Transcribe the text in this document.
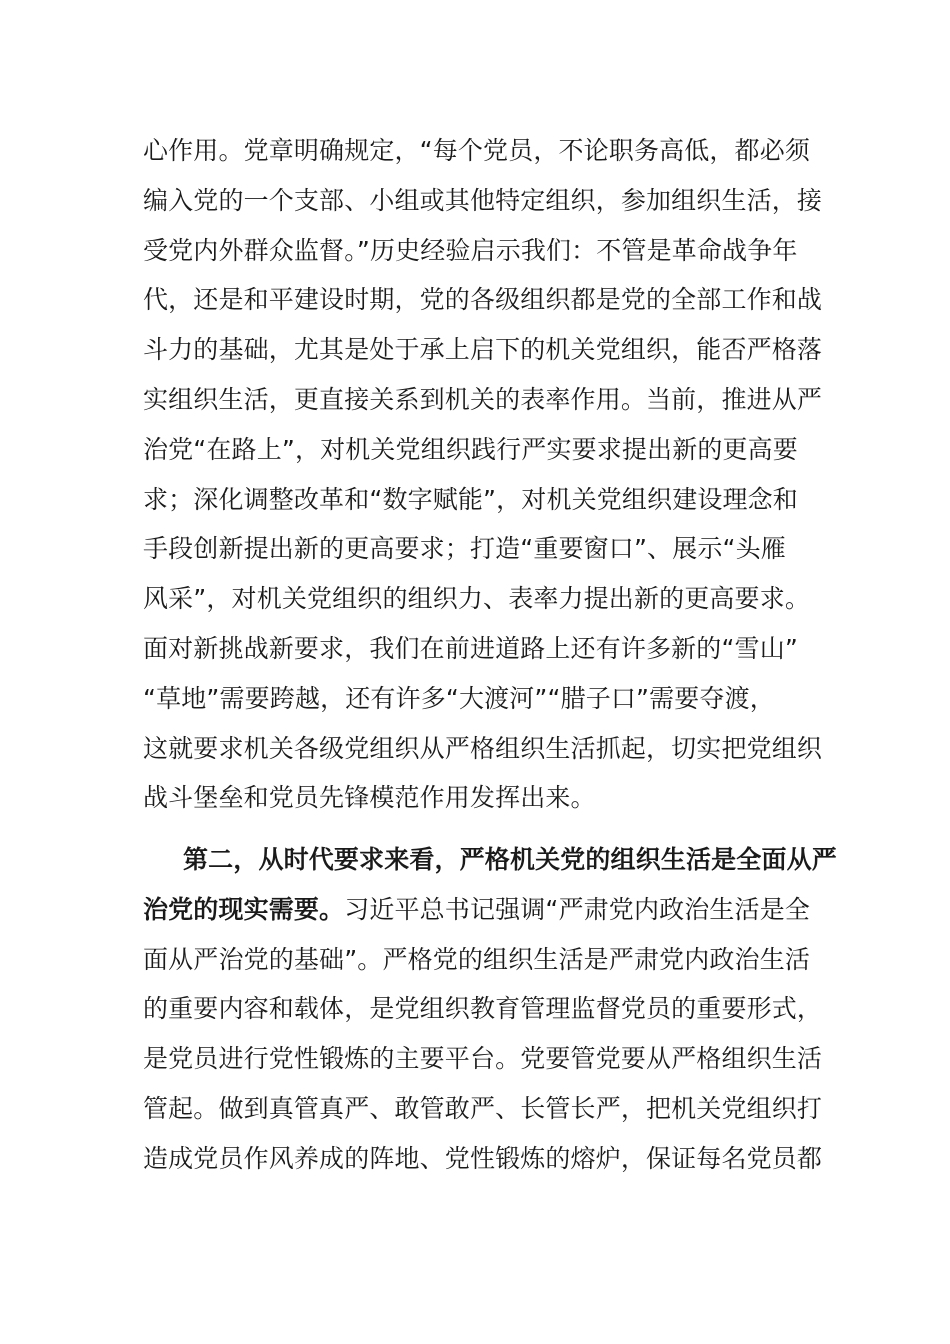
心作用。党章明确规定，“每个党员，不论职务高低，都必须
编入党的一个支部、小组或其他特定组织，参加组织生活，接
受党内外群众监督。”历史经验启示我们：不管是革命战争年
代，还是和平建设时期，党的各级组织都是党的全部工作和战
斗力的基础，尤其是处于承上启下的机关党组织，能否严格落
实组织生活，更直接关系到机关的表率作用。当前，推进从严
治党“在路上”，对机关党组织践行严实要求提出新的更高要
求；深化调整改革和“数字赋能”，对机关党组织建设理念和
手段创新提出新的更高要求；打造“重要窗口”、展示“头雁
风采”，对机关党组织的组织力、表率力提出新的更高要求。
面对新挑战新要求，我们在前进道路上还有许多新的“雪山”
“草地”需要跨越，还有许多“大渡河”“腊子口”需要夺渡，
这就要求机关各级党组织从严格组织生活抓起，切实把党组织
战斗堡垒和党员先锋模范作用发挥出来。
第二，从时代要求来看，严格机关党的组织生活是全面从严
治党的现实需要。习近平总书记强调“严肃党内政治生活是全
面从严治党的基础”。严格党的组织生活是严肃党内政治生活
的重要内容和载体，是党组织教育管理监督党员的重要形式，
是党员进行党性锻炼的主要平台。党要管党要从严格组织生活
管起。做到真管真严、敢管敢严、长管长严，把机关党组织打
造成党员作风养成的阵地、党性锻炼的熔炉，保证每名党员都
